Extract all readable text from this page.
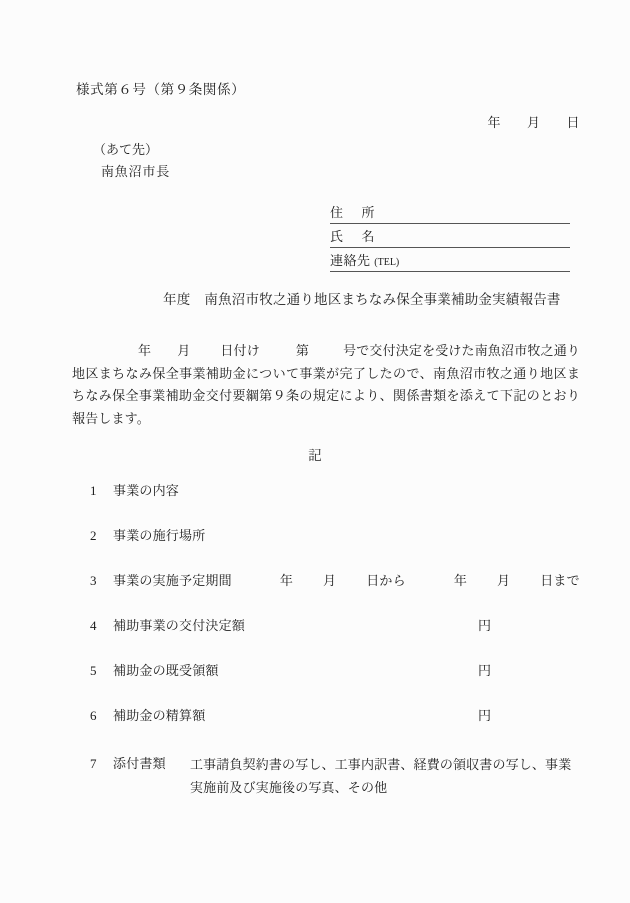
様式第６号（第９条関係）
年 月 日
（あて先）
南魚沼市長
住 所
氏 名
連絡先 (TEL)
年度 南魚沼市牧之通り地区まちなみ保全事業補助金実績報告書
年 月 日付け	第	号で交付決定を受けた南魚沼市牧之通り地区まちなみ保全事業補助金について事業が完了したので、南魚沼市牧之通り地区まちなみ保全事業補助金交付要綱第９条の規定により、関係書類を添えて下記のとおり報告します。
記
1 事業の内容
2 事業の施行場所
3 事業の実施予定期間	年 月 日から	年 月 日まで
4 補助事業の交付決定額	円
5 補助金の既受領額	円
6 補助金の精算額	円
7 添付書類 工事請負契約書の写し、工事内訳書、経費の領収書の写し、事業実施前及び実施後の写真、その他
